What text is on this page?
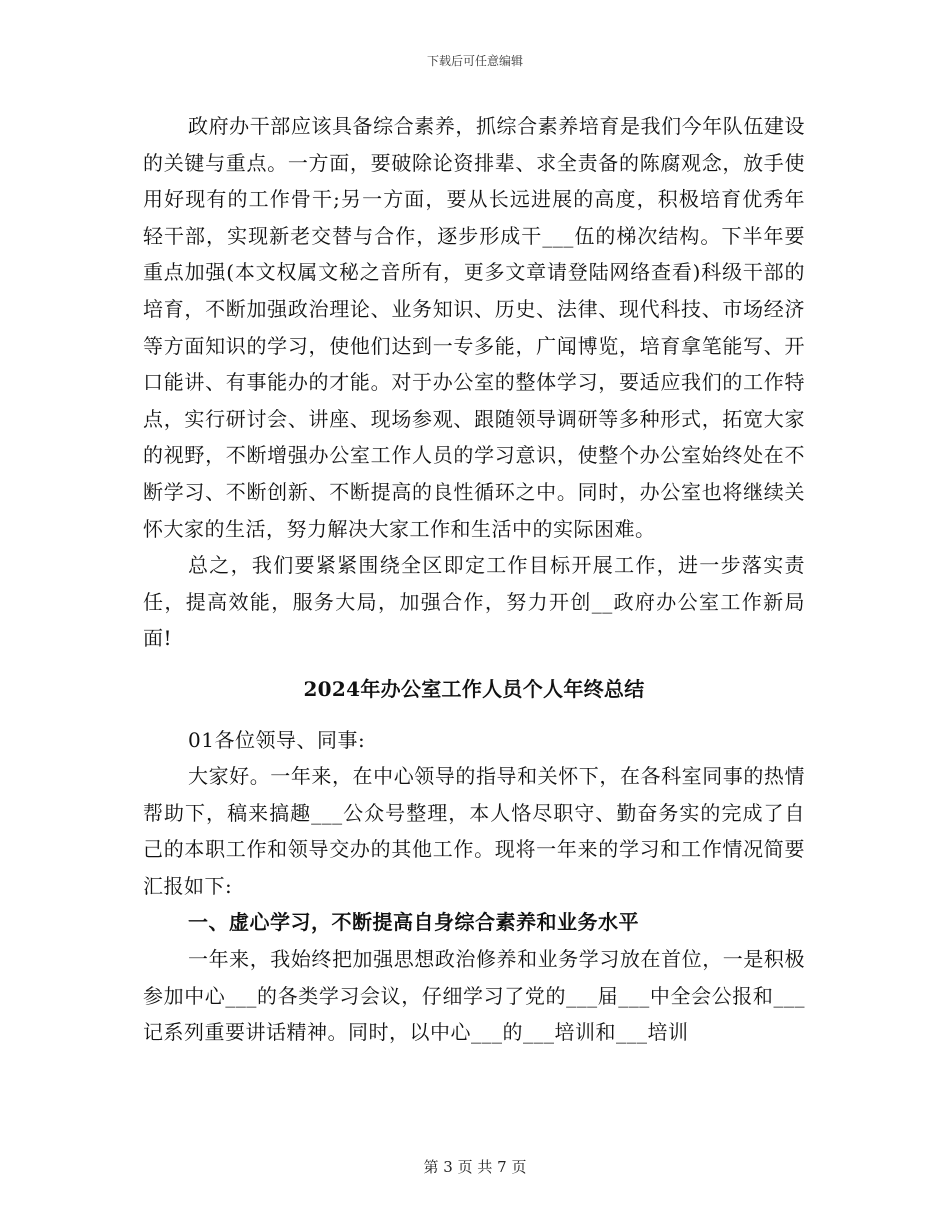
下载后可任意编辑

政府办干部应该具备综合素养，抓综合素养培育是我们今年队伍建设的关键与重点。一方面，要破除论资排辈、求全责备的陈腐观念，放手使用好现有的工作骨干;另一方面，要从长远进展的高度，积极培育优秀年轻干部，实现新老交替与合作，逐步形成干___伍的梯次结构。下半年要重点加强(本文权属文秘之音所有，更多文章请登陆网络查看)科级干部的培育，不断加强政治理论、业务知识、历史、法律、现代科技、市场经济等方面知识的学习，使他们达到一专多能，广闻博览，培育拿笔能写、开口能讲、有事能办的才能。对于办公室的整体学习，要适应我们的工作特点，实行研讨会、讲座、现场参观、跟随领导调研等多种形式，拓宽大家的视野，不断增强办公室工作人员的学习意识，使整个办公室始终处在不断学习、不断创新、不断提高的良性循环之中。同时，办公室也将继续关怀大家的生活，努力解决大家工作和生活中的实际困难。

总之，我们要紧紧围绕全区即定工作目标开展工作，进一步落实责任，提高效能，服务大局，加强合作，努力开创__政府办公室工作新局面!

2024年办公室工作人员个人年终总结

01各位领导、同事:

大家好。一年来，在中心领导的指导和关怀下，在各科室同事的热情帮助下，稿来搞趣___公众号整理，本人恪尽职守、勤奋务实的完成了自己的本职工作和领导交办的其他工作。现将一年来的学习和工作情况简要汇报如下:

一、虚心学习，不断提高自身综合素养和业务水平

一年来，我始终把加强思想政治修养和业务学习放在首位，一是积极参加中心___的各类学习会议，仔细学习了党的___届___中全会公报和___记系列重要讲话精神。同时，以中心___的___培训和___培训

第 3 页 共 7 页
